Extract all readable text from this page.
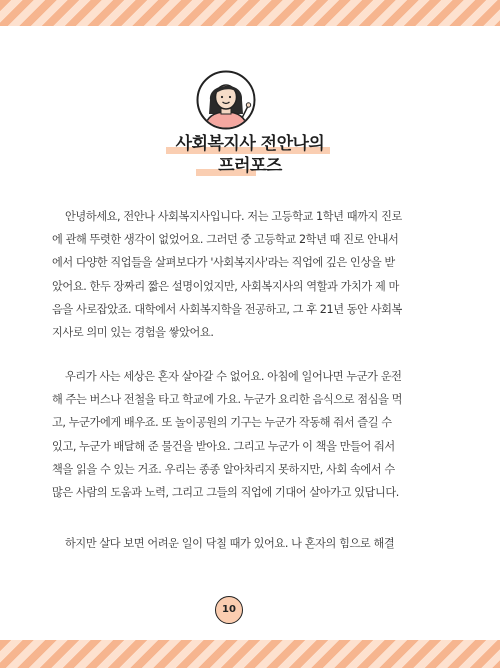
사회복지사 전안나의
프러포즈
안녕하세요, 전안나 사회복지사입니다. 저는 고등학교 1학년 때까지 진로
에 관해 뚜렷한 생각이 없었어요. 그러던 중 고등학교 2학년 때 진로 안내서
에서 다양한 직업들을 살펴보다가 '사회복지사'라는 직업에 깊은 인상을 받
았어요. 한두 장짜리 짧은 설명이었지만, 사회복지사의 역할과 가치가 제 마
음을 사로잡았죠. 대학에서 사회복지학을 전공하고, 그 후 21년 동안 사회복
지사로 의미 있는 경험을 쌓았어요.
우리가 사는 세상은 혼자 살아갈 수 없어요. 아침에 일어나면 누군가 운전
해 주는 버스나 전철을 타고 학교에 가요. 누군가 요리한 음식으로 점심을 먹
고, 누군가에게 배우죠. 또 놀이공원의 기구는 누군가 작동해 줘서 즐길 수
있고, 누군가 배달해 준 물건을 받아요. 그리고 누군가 이 책을 만들어 줘서
책을 읽을 수 있는 거죠. 우리는 종종 알아차리지 못하지만, 사회 속에서 수
많은 사람의 도움과 노력, 그리고 그들의 직업에 기대어 살아가고 있답니다.
하지만 살다 보면 어려운 일이 닥칠 때가 있어요. 나 혼자의 힘으로 해결
10
